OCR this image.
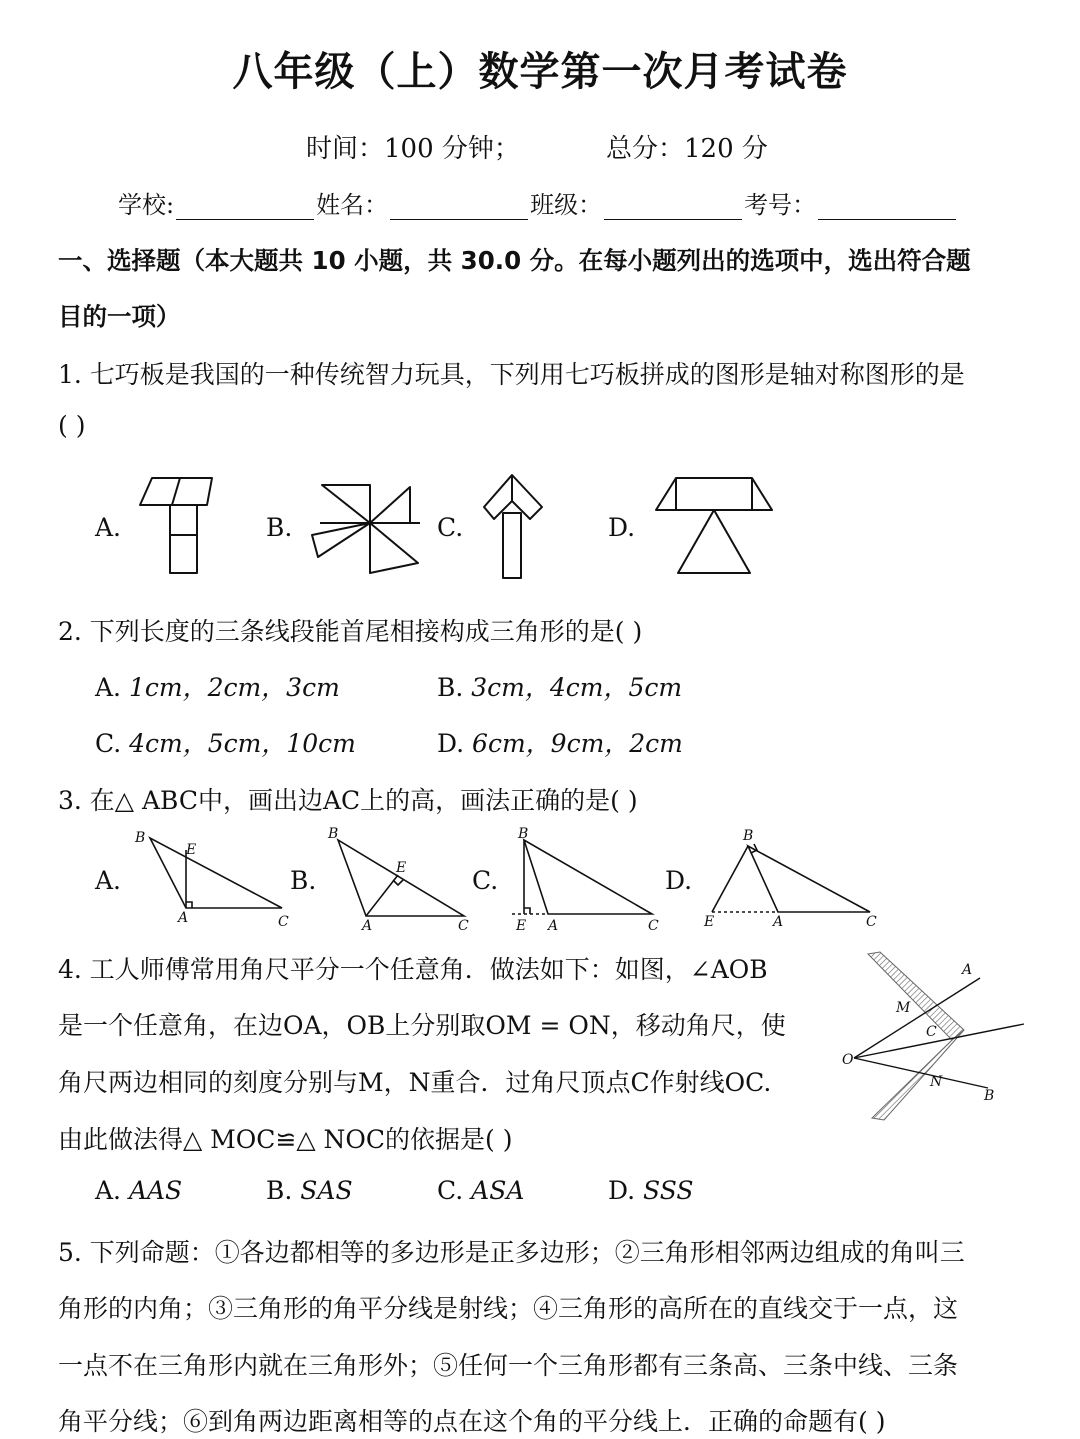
八年级（上）数学第一次月考试卷
时间：100 分钟；	总分：120 分
学校:	姓名：	班级：	考号：
一、选择题（本大题共 10 小题，共 30.0 分。在每小题列出的选项中，选出符合题
目的一项）
1. 七巧板是我国的一种传统智力玩具，下列用七巧板拼成的图形是轴对称图形的是
( )
A.	B.	C.	D.
2. 下列长度的三条线段能首尾相接构成三角形的是( )
A. 1cm，2cm，3cm	B. 3cm，4cm，5cm
C. 4cm，5cm，10cm	D. 6cm，9cm，2cm
3. 在△ ABC中，画出边AC上的高，画法正确的是( )
A.	B.	C.	D.
B
E
A	C
B
E
A	C
B
E A	C
B
E	A	C
4. 工人师傅常用角尺平分一个任意角．做法如下：如图，∠AOB
是一个任意角，在边OA，OB上分别取OM = ON，移动角尺，使
角尺两边相同的刻度分别与M，N重合．过角尺顶点C作射线OC.
由此做法得△ MOC≌△ NOC的依据是( )
O
A
B
M
N
C
A. AAS	B. SAS	C. ASA	D. SSS
5. 下列命题：①各边都相等的多边形是正多边形；②三角形相邻两边组成的角叫三
角形的内角；③三角形的角平分线是射线；④三角形的高所在的直线交于一点，这
一点不在三角形内就在三角形外；⑤任何一个三角形都有三条高、三条中线、三条
角平分线；⑥到角两边距离相等的点在这个角的平分线上．正确的命题有( )
